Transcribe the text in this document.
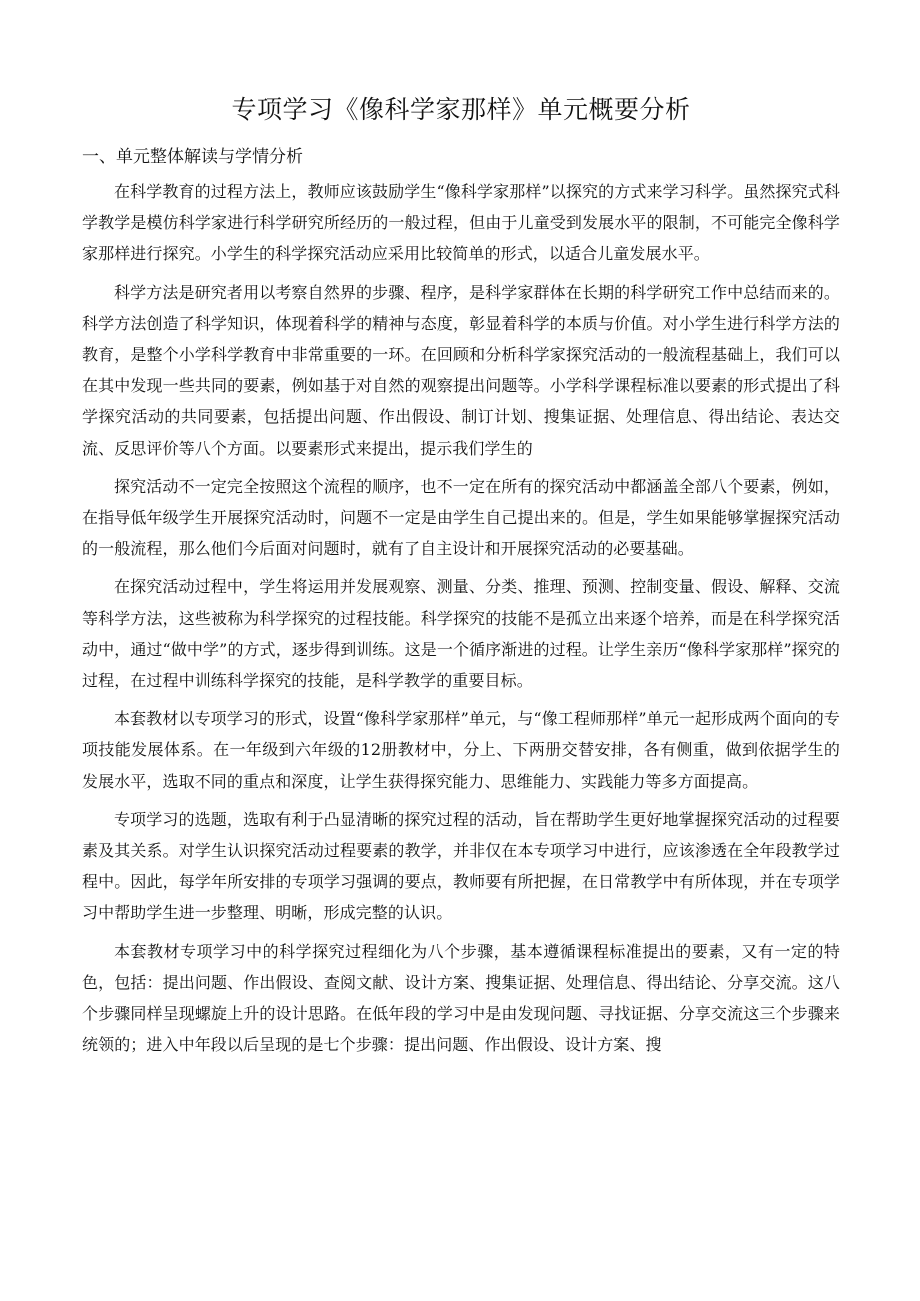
专项学习《像科学家那样》单元概要分析
一、单元整体解读与学情分析

在科学教育的过程方法上，教师应该鼓励学生“像科学家那样”以探究的方式来学习科学。虽然探究式科学教学是模仿科学家进行科学研究所经历的一般过程，但由于儿童受到发展水平的限制，不可能完全像科学家那样进行探究。小学生的科学探究活动应采用比较简单的形式，以适合儿童发展水平。

科学方法是研究者用以考察自然界的步骤、程序，是科学家群体在长期的科学研究工作中总结而来的。科学方法创造了科学知识，体现着科学的精神与态度，彰显着科学的本质与价值。对小学生进行科学方法的教育，是整个小学科学教育中非常重要的一环。在回顾和分析科学家探究活动的一般流程基础上，我们可以在其中发现一些共同的要素，例如基于对自然的观察提出问题等。小学科学课程标准以要素的形式提出了科学探究活动的共同要素，包括提出问题、作出假设、制订计划、搜集证据、处理信息、得出结论、表达交流、反思评价等八个方面。以要素形式来提出，提示我们学生的

探究活动不一定完全按照这个流程的顺序，也不一定在所有的探究活动中都涵盖全部八个要素，例如，在指导低年级学生开展探究活动时，问题不一定是由学生自己提出来的。但是，学生如果能够掌握探究活动的一般流程，那么他们今后面对问题时，就有了自主设计和开展探究活动的必要基础。

在探究活动过程中，学生将运用并发展观察、测量、分类、推理、预测、控制变量、假设、解释、交流等科学方法，这些被称为科学探究的过程技能。科学探究的技能不是孤立出来逐个培养，而是在科学探究活动中，通过“做中学”的方式，逐步得到训练。这是一个循序渐进的过程。让学生亲历“像科学家那样”探究的过程，在过程中训练科学探究的技能，是科学教学的重要目标。

本套教材以专项学习的形式，设置“像科学家那样”单元，与“像工程师那样”单元一起形成两个面向的专项技能发展体系。在一年级到六年级的12册教材中，分上、下两册交替安排，各有侧重，做到依据学生的发展水平，选取不同的重点和深度，让学生获得探究能力、思维能力、实践能力等多方面提高。

专项学习的选题，选取有利于凸显清晰的探究过程的活动，旨在帮助学生更好地掌握探究活动的过程要素及其关系。对学生认识探究活动过程要素的教学，并非仅在本专项学习中进行，应该渗透在全年段教学过程中。因此，每学年所安排的专项学习强调的要点，教师要有所把握，在日常教学中有所体现，并在专项学习中帮助学生进一步整理、明晰，形成完整的认识。

本套教材专项学习中的科学探究过程细化为八个步骤，基本遵循课程标准提出的要素，又有一定的特色，包括：提出问题、作出假设、查阅文献、设计方案、搜集证据、处理信息、得出结论、分享交流。这八个步骤同样呈现螺旋上升的设计思路。在低年段的学习中是由发现问题、寻找证据、分享交流这三个步骤来统领的；进入中年段以后呈现的是七个步骤：提出问题、作出假设、设计方案、搜
